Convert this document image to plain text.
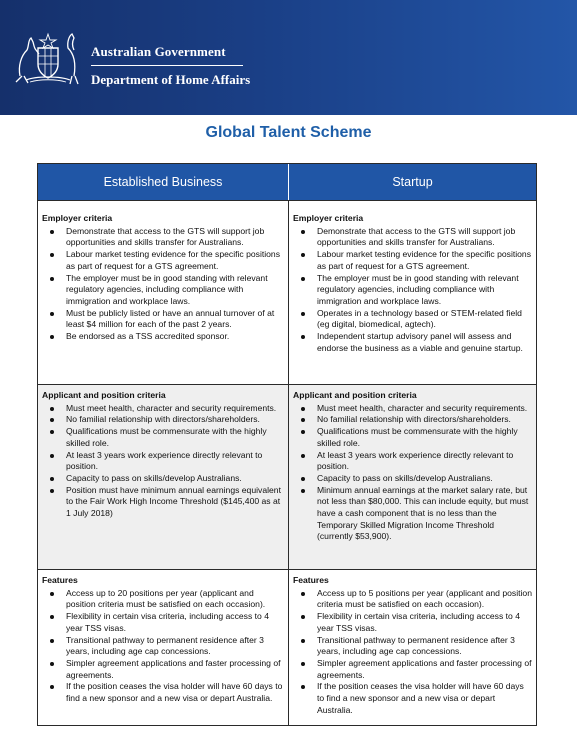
Australian Government
Department of Home Affairs
Global Talent Scheme
Established Business	Startup
Employer criteria
Demonstrate that access to the GTS will support job opportunities and skills transfer for Australians.
Labour market testing evidence for the specific positions as part of request for a GTS agreement.
The employer must be in good standing with relevant regulatory agencies, including compliance with immigration and workplace laws.
Must be publicly listed or have an annual turnover of at least $4 million for each of the past 2 years.
Be endorsed as a TSS accredited sponsor.
Employer criteria
Demonstrate that access to the GTS will support job opportunities and skills transfer for Australians.
Labour market testing evidence for the specific positions as part of request for a GTS agreement.
The employer must be in good standing with relevant regulatory agencies, including compliance with immigration and workplace laws.
Operates in a technology based or STEM-related field (eg digital, biomedical, agtech).
Independent startup advisory panel will assess and endorse the business as a viable and genuine startup.
Applicant and position criteria
Must meet health, character and security requirements.
No familial relationship with directors/shareholders.
Qualifications must be commensurate with the highly skilled role.
At least 3 years work experience directly relevant to position.
Capacity to pass on skills/develop Australians.
Position must have minimum annual earnings equivalent to the Fair Work High Income Threshold ($145,400 as at 1 July 2018)
Applicant and position criteria
Must meet health, character and security requirements.
No familial relationship with directors/shareholders.
Qualifications must be commensurate with the highly skilled role.
At least 3 years work experience directly relevant to position.
Capacity to pass on skills/develop Australians.
Minimum annual earnings at the market salary rate, but not less than $80,000. This can include equity, but must have a cash component that is no less than the Temporary Skilled Migration Income Threshold (currently $53,900).
Features
Access up to 20 positions per year (applicant and position criteria must be satisfied on each occasion).
Flexibility in certain visa criteria, including access to 4 year TSS visas.
Transitional pathway to permanent residence after 3 years, including age cap concessions.
Simpler agreement applications and faster processing of agreements.
If the position ceases the visa holder will have 60 days to find a new sponsor and a new visa or depart Australia.
Features
Access up to 5 positions per year (applicant and position criteria must be satisfied on each occasion).
Flexibility in certain visa criteria, including access to 4 year TSS visas.
Transitional pathway to permanent residence after 3 years, including age cap concessions.
Simpler agreement applications and faster processing of agreements.
If the position ceases the visa holder will have 60 days to find a new sponsor and a new visa or depart Australia.
